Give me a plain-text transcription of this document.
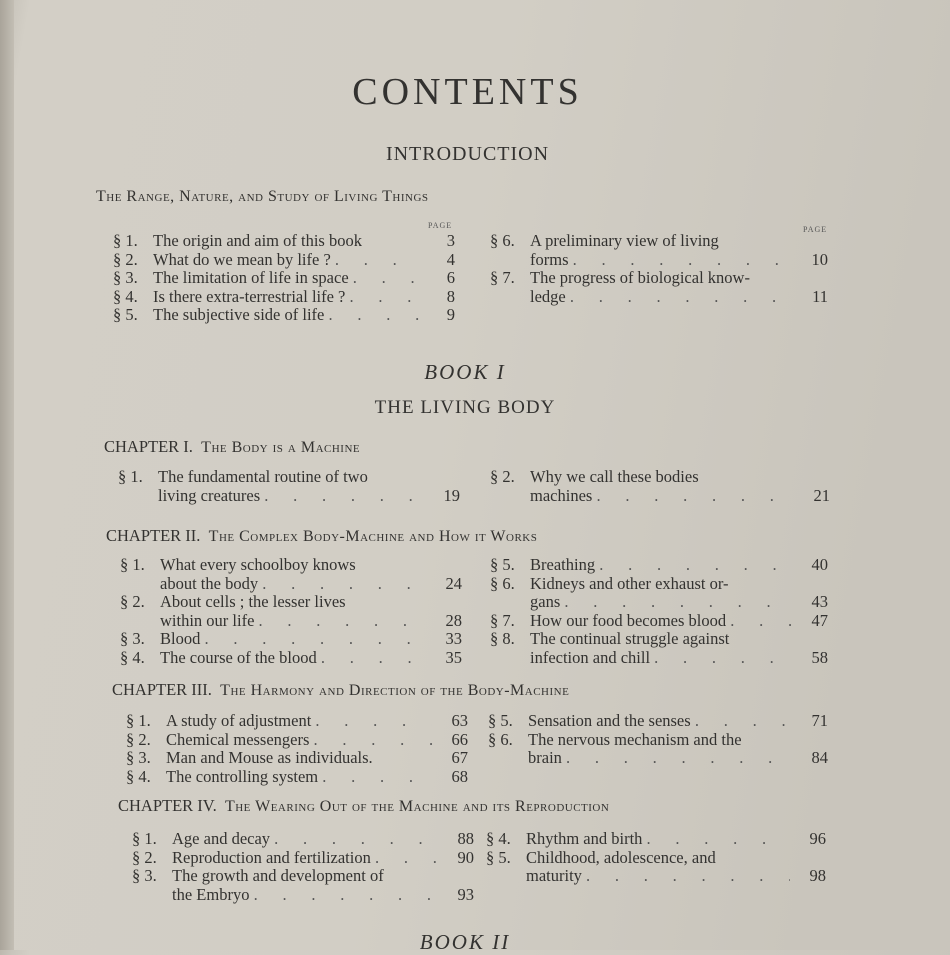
CONTENTS
INTRODUCTION
BOOK I
THE LIVING BODY
BOOK II
PAGE	PAGE
The Range, Nature, and Study of Living Things
§ 1. The origin and aim of this book	3
§ 2. What do we mean by life ? .	4
§ 3. The limitation of life in space .	6
§ 4. Is there extra-terrestrial life ? .	8
§ 5. The subjective side of life .	9
§ 6. A preliminary view of living
forms .	10
§ 7. The progress of biological know-
ledge .	11
CHAPTER I.  The Body is a Machine
§ 1. The fundamental routine of two
living creatures .	19
§ 2. Why we call these bodies
machines .	21
CHAPTER II.  The Complex Body-Machine and How it Works
§ 1. What every schoolboy knows
about the body .	24
§ 2. About cells ; the lesser lives
within our life .	28
§ 3. Blood .	33
§ 4. The course of the blood .	35
§ 5. Breathing .	40
§ 6. Kidneys and other exhaust or-
gans .	43
§ 7. How our food becomes blood .	47
§ 8. The continual struggle against
infection and chill .	58
CHAPTER III.  The Harmony and Direction of the Body-Machine
§ 1. A study of adjustment .	63
§ 2. Chemical messengers .	66
§ 3. Man and Mouse as individuals.	67
§ 4. The controlling system .	68
§ 5. Sensation and the senses .	71
§ 6. The nervous mechanism and the
brain .	84
CHAPTER IV.  The Wearing Out of the Machine and its Reproduction
§ 1. Age and decay .	88
§ 2. Reproduction and fertilization .	90
§ 3. The growth and development of
the Embryo .	93
§ 4. Rhythm and birth .	96
§ 5. Childhood, adolescence, and
maturity .	98
